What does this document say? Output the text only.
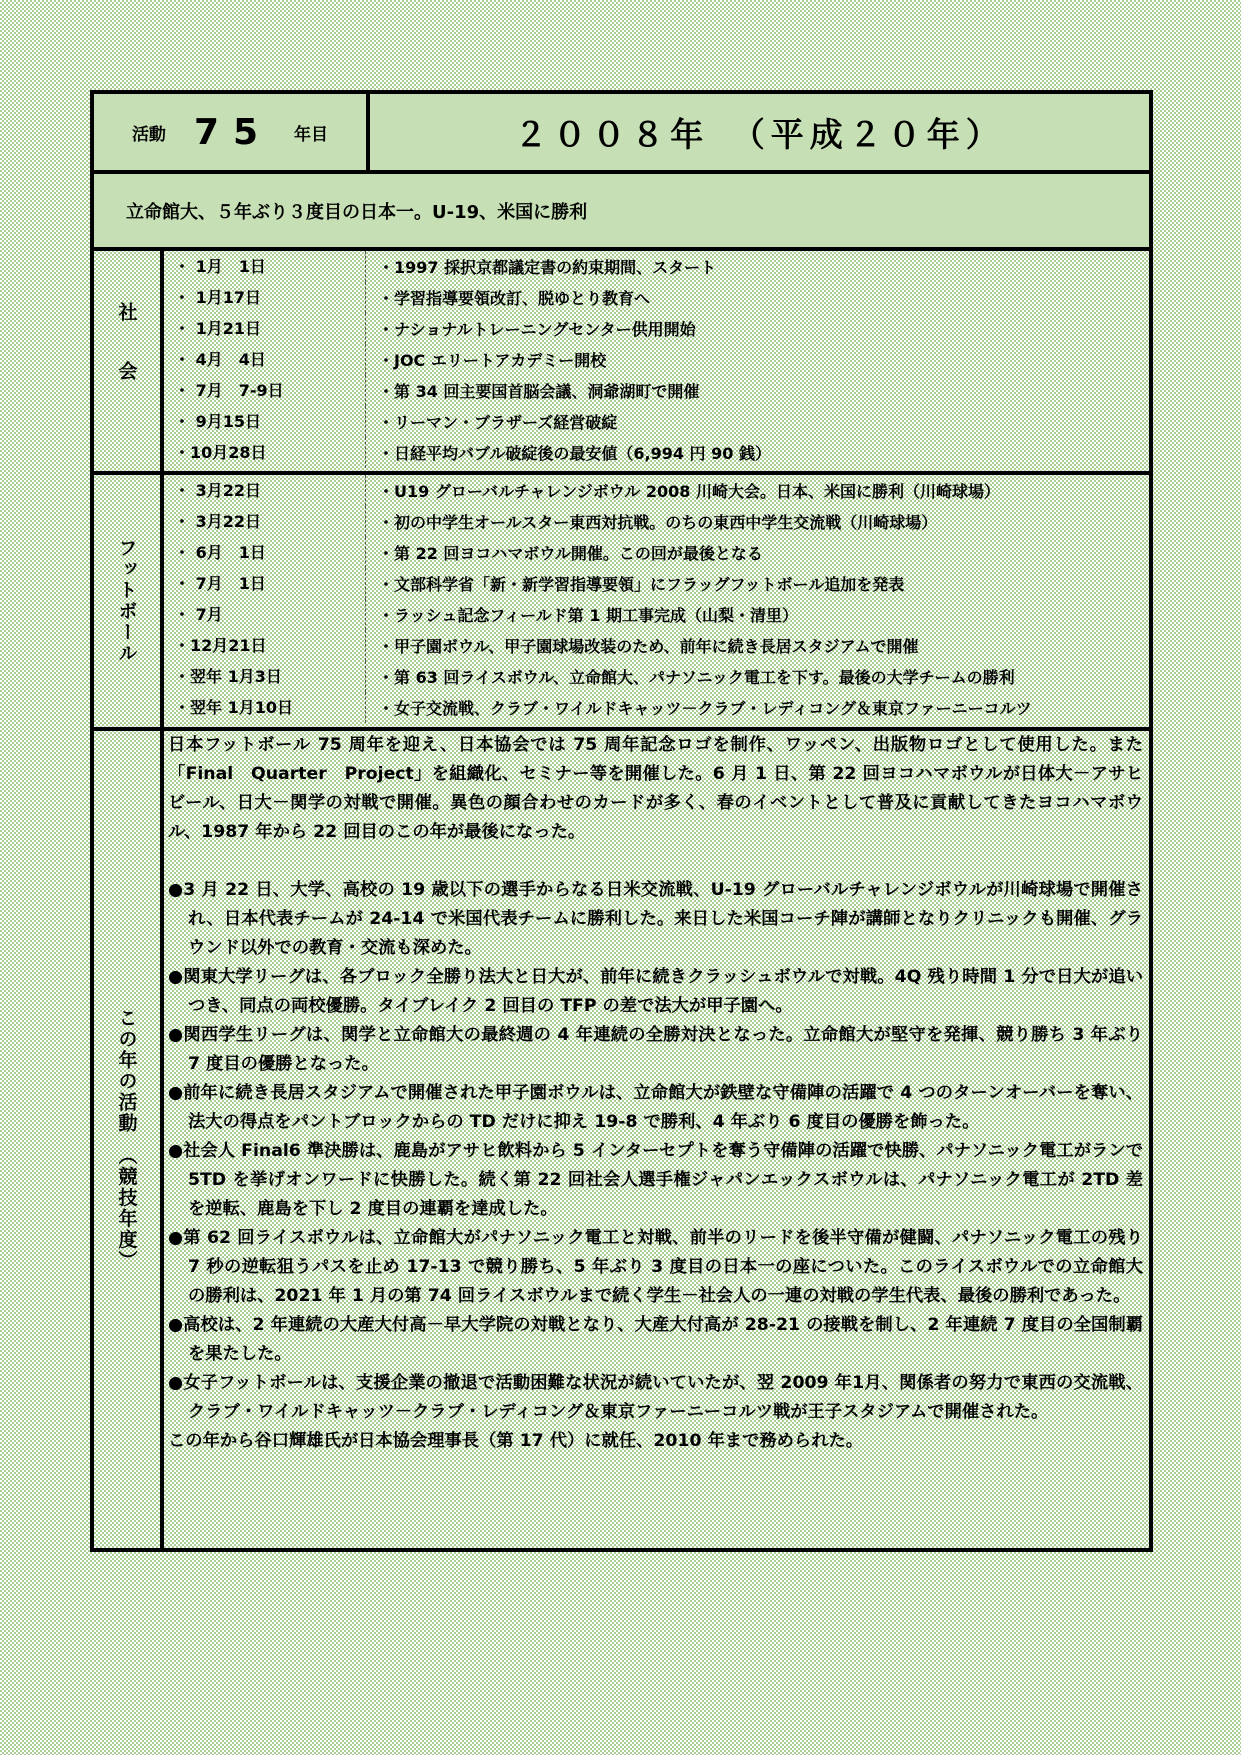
活動 75 年目	２００８年　（平成２０年）
立命館大、５年ぶり３度目の日本一。U-19、米国に勝利
社会
・ 1月　1日	・1997 採択京都議定書の約束期間、スタート
・ 1月17日	・学習指導要領改訂、脱ゆとり教育へ
・ 1月21日	・ナショナルトレーニングセンター供用開始
・ 4月　4日	・JOC エリートアカデミー開校
・ 7月　7-9日	・第 34 回主要国首脳会議、洞爺湖町で開催
・ 9月15日	・リーマン・ブラザーズ経営破綻
・10月28日	・日経平均バブル破綻後の最安値（6,994 円 90 銭）
フットボール
・ 3月22日	・U19 グローバルチャレンジボウル 2008 川崎大会。日本、米国に勝利（川崎球場）
・ 3月22日	・初の中学生オールスター東西対抗戦。のちの東西中学生交流戦（川崎球場）
・ 6月　1日	・第 22 回ヨコハマボウル開催。この回が最後となる
・ 7月　1日	・文部科学省「新・新学習指導要領」にフラッグフットボール追加を発表
・ 7月	・ラッシュ記念フィールド第 1 期工事完成（山梨・清里）
・12月21日	・甲子園ボウル、甲子園球場改装のため、前年に続き長居スタジアムで開催
・翌年 1月3日	・第 63 回ライスボウル、立命館大、パナソニック電工を下す。最後の大学チームの勝利
・翌年 1月10日	・女子交流戦、クラブ・ワイルドキャッツ－クラブ・レディコング＆東京ファーニーコルツ
この年の活動　（競技年度）

日本フットボール 75 周年を迎え、日本協会では 75 周年記念ロゴを制作、ワッペン、出版物ロゴとして使用した。また「Final　Quarter　Project」を組織化、セミナー等を開催した。6 月 1 日、第 22 回ヨコハマボウルが日体大－アサヒビール、日大－関学の対戦で開催。異色の顔合わせのカードが多く、春のイベントとして普及に貢献してきたヨコハマボウル、1987 年から 22 回目のこの年が最後になった。

●3 月 22 日、大学、高校の 19 歳以下の選手からなる日米交流戦、U-19 グローバルチャレンジボウルが川崎球場で開催され、日本代表チームが 24-14 で米国代表チームに勝利した。来日した米国コーチ陣が講師となりクリニックも開催、グラウンド以外での教育・交流も深めた。

●関東大学リーグは、各ブロック全勝り法大と日大が、前年に続きクラッシュボウルで対戦。4Q 残り時間 1 分で日大が追いつき、同点の両校優勝。タイブレイク 2 回目の TFP の差で法大が甲子園へ。

●関西学生リーグは、関学と立命館大の最終週の 4 年連続の全勝対決となった。立命館大が堅守を発揮、競り勝ち 3 年ぶり 7 度目の優勝となった。

●前年に続き長居スタジアムで開催された甲子園ボウルは、立命館大が鉄壁な守備陣の活躍で 4 つのターンオーバーを奪い、法大の得点をパントブロックからの TD だけに抑え 19-8 で勝利、4 年ぶり 6 度目の優勝を飾った。

●社会人 Final6 準決勝は、鹿島がアサヒ飲料から 5 インターセプトを奪う守備陣の活躍で快勝、パナソニック電工がランで 5TD を挙げオンワードに快勝した。続く第 22 回社会人選手権ジャパンエックスボウルは、パナソニック電工が 2TD 差を逆転、鹿島を下し 2 度目の連覇を達成した。

●第 62 回ライスボウルは、立命館大がパナソニック電工と対戦、前半のリードを後半守備が健闘、パナソニック電工の残り 7 秒の逆転狙うパスを止め 17-13 で競り勝ち、5 年ぶり 3 度目の日本一の座についた。このライスボウルでの立命館大の勝利は、2021 年 1 月の第 74 回ライスボウルまで続く学生－社会人の一連の対戦の学生代表、最後の勝利であった。

●高校は、2 年連続の大産大付高－早大学院の対戦となり、大産大付高が 28-21 の接戦を制し、2 年連続 7 度目の全国制覇を果たした。

●女子フットボールは、支援企業の撤退で活動困難な状況が続いていたが、翌 2009 年1月、関係者の努力で東西の交流戦、クラブ・ワイルドキャッツ－クラブ・レディコング＆東京ファーニーコルツ戦が王子スタジアムで開催された。

この年から谷口輝雄氏が日本協会理事長（第 17 代）に就任、2010 年まで務められた。
